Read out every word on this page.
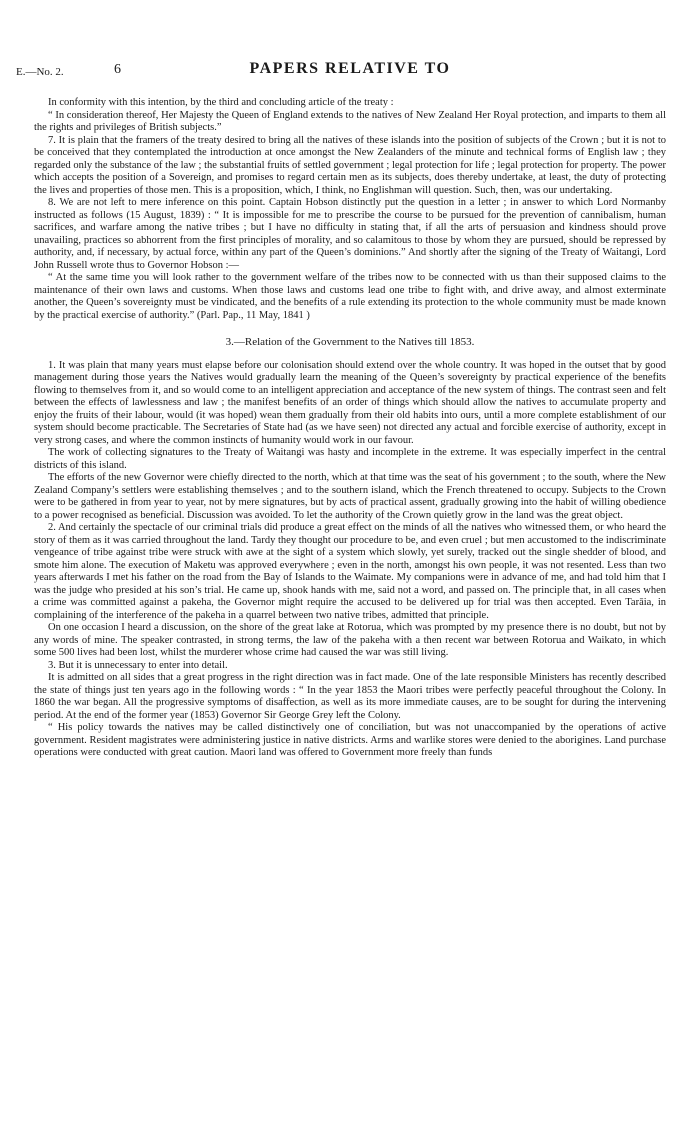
E.—No. 2.	6	PAPERS RELATIVE TO

In conformity with this intention, by the third and concluding article of the treaty :

“ In consideration thereof, Her Majesty the Queen of England extends to the natives of New Zealand Her Royal protection, and imparts to them all the rights and privileges of British subjects.”

7. It is plain that the framers of the treaty desired to bring all the natives of these islands into the position of subjects of the Crown ; but it is not to be conceived that they contemplated the introduction at once amongst the New Zealanders of the minute and technical forms of English law ; they regarded only the substance of the law ; the substantial fruits of settled government ; legal protection for life ; legal protection for property. The power which accepts the position of a Sovereign, and promises to regard certain men as its subjects, does thereby undertake, at least, the duty of protecting the lives and properties of those men. This is a proposition, which, I think, no Englishman will question. Such, then, was our undertaking.

8. We are not left to mere inference on this point. Captain Hobson distinctly put the question in a letter ; in answer to which Lord Normanby instructed as follows (15 August, 1839) : “ It is impossible for me to prescribe the course to be pursued for the prevention of cannibalism, human sacrifices, and warfare among the native tribes ; but I have no difficulty in stating that, if all the arts of persuasion and kindness should prove unavailing, practices so abhorrent from the first principles of morality, and so calamitous to those by whom they are pursued, should be repressed by authority, and, if necessary, by actual force, within any part of the Queen’s dominions.” And shortly after the signing of the Treaty of Waitangi, Lord John Russell wrote thus to Governor Hobson :—

“ At the same time you will look rather to the government welfare of the tribes now to be connected with us than their supposed claims to the maintenance of their own laws and customs. When those laws and customs lead one tribe to fight with, and drive away, and almost exterminate another, the Queen’s sovereignty must be vindicated, and the benefits of a rule extending its protection to the whole community must be made known by the practical exercise of authority.” (Parl. Pap., 11 May, 1841 )

3.—Relation of the Government to the Natives till 1853.

1. It was plain that many years must elapse before our colonisation should extend over the whole country. It was hoped in the outset that by good management during those years the Natives would gradually learn the meaning of the Queen’s sovereignty by practical experience of the benefits flowing to themselves from it, and so would come to an intelligent appreciation and acceptance of the new system of things. The contrast seen and felt between the effects of lawlessness and law ; the manifest benefits of an order of things which should allow the natives to accumulate property and enjoy the fruits of their labour, would (it was hoped) wean them gradually from their old habits into ours, until a more complete establishment of our system should become practicable. The Secretaries of State had (as we have seen) not directed any actual and forcible exercise of authority, except in very strong cases, and where the common instincts of humanity would work in our favour.

The work of collecting signatures to the Treaty of Waitangi was hasty and incomplete in the extreme. It was especially imperfect in the central districts of this island.

The efforts of the new Governor were chiefly directed to the north, which at that time was the seat of his government ; to the south, where the New Zealand Company’s settlers were establishing themselves ; and to the southern island, which the French threatened to occupy. Subjects to the Crown were to be gathered in from year to year, not by mere signatures, but by acts of practical assent, gradually growing into the habit of willing obedience to a power recognised as beneficial. Discussion was avoided. To let the authority of the Crown quietly grow in the land was the great object.

2. And certainly the spectacle of our criminal trials did produce a great effect on the minds of all the natives who witnessed them, or who heard the story of them as it was carried throughout the land. Tardy they thought our procedure to be, and even cruel ; but men accustomed to the indiscriminate vengeance of tribe against tribe were struck with awe at the sight of a system which slowly, yet surely, tracked out the single shedder of blood, and smote him alone. The execution of Maketu was approved everywhere ; even in the north, amongst his own people, it was not resented. Less than two years afterwards I met his father on the road from the Bay of Islands to the Waimate. My companions were in advance of me, and had told him that I was the judge who presided at his son’s trial. He came up, shook hands with me, said not a word, and passed on. The principle that, in all cases when a crime was committed against a pakeha, the Governor might require the accused to be delivered up for trial was then accepted. Even Tarāia, in complaining of the interference of the pakeha in a quarrel between two native tribes, admitted that principle.

On one occasion I heard a discussion, on the shore of the great lake at Rotorua, which was prompted by my presence there is no doubt, but not by any words of mine. The speaker contrasted, in strong terms, the law of the pakeha with a then recent war between Rotorua and Waikato, in which some 500 lives had been lost, whilst the murderer whose crime had caused the war was still living.

3. But it is unnecessary to enter into detail.

It is admitted on all sides that a great progress in the right direction was in fact made. One of the late responsible Ministers has recently described the state of things just ten years ago in the following words : “ In the year 1853 the Maori tribes were perfectly peaceful throughout the Colony. In 1860 the war began. All the progressive symptoms of disaffection, as well as its more immediate causes, are to be sought for during the intervening period. At the end of the former year (1853) Governor Sir George Grey left the Colony.

“ His policy towards the natives may be called distinctively one of conciliation, but was not unaccompanied by the operations of active government. Resident magistrates were administering justice in native districts. Arms and warlike stores were denied to the aborigines. Land purchase operations were conducted with great caution. Maori land was offered to Government more freely than funds
